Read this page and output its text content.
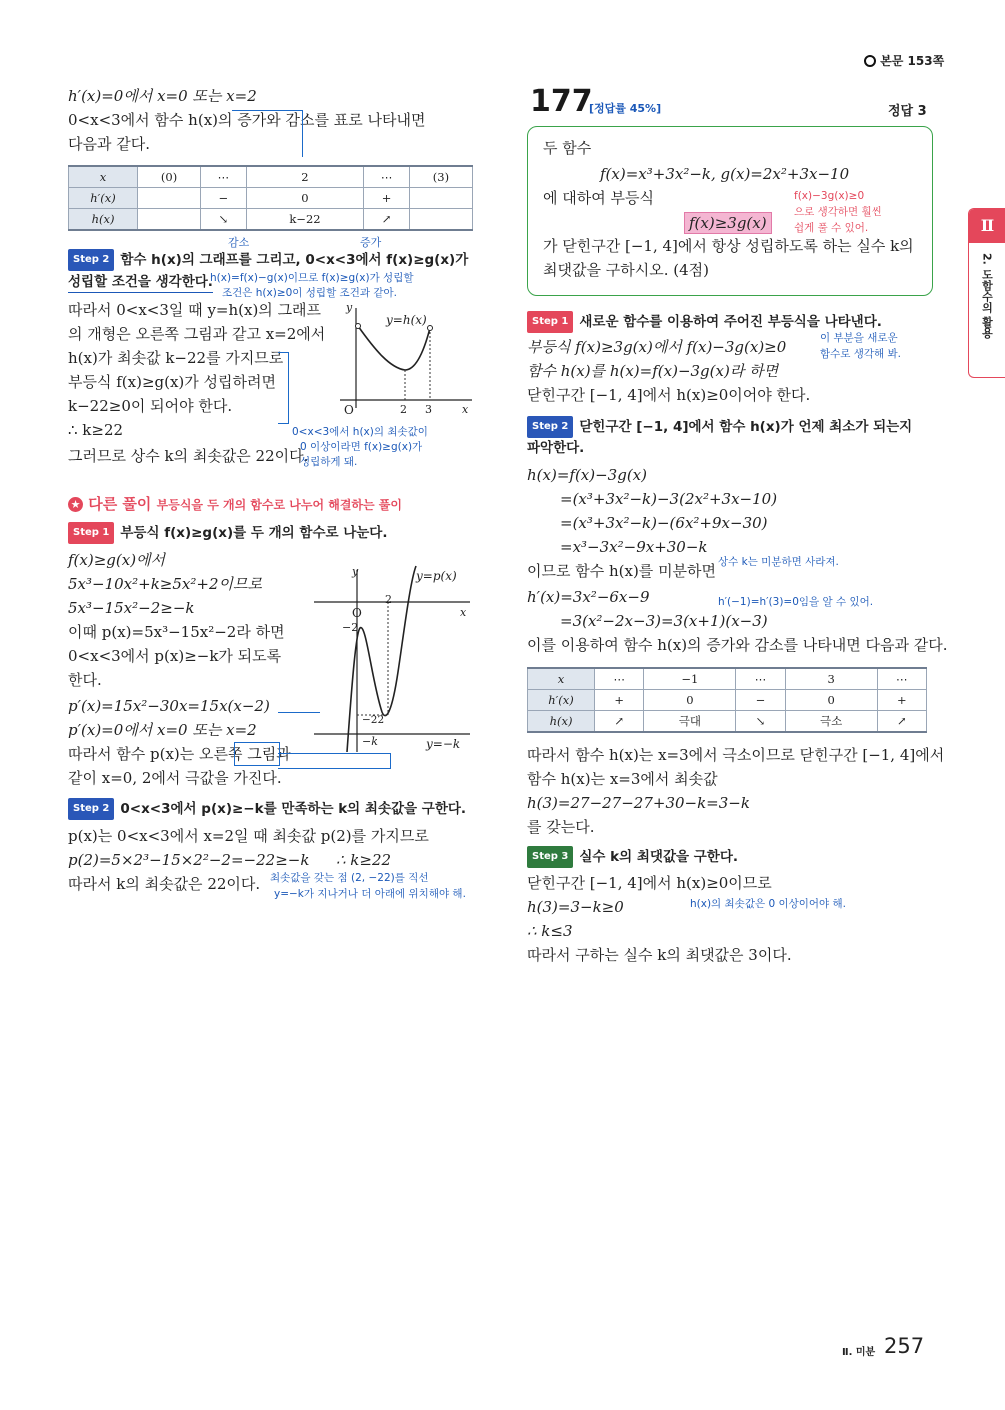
본문 153쪽
h′(x)=0에서 x=0 또는 x=2
0<x<3에서 함수 h(x)의 증가와 감소를 표로 나타내면
다음과 같다.
x	(0)	⋯	2	⋯	(3)
h′(x)		−	0	+	
h(x)		↘	k−22	↗	
감소	증가
Step 2 함수 h(x)의 그래프를 그리고, 0<x<3에서 f(x)≥g(x)가
성립할 조건을 생각한다.
h(x)=f(x)−g(x)이므로 f(x)≥g(x)가 성립할
조건은 h(x)≥0이 성립할 조건과 같아.
따라서 0<x<3일 때 y=h(x)의 그래프
의 개형은 오른쪽 그림과 같고 x=2에서
h(x)가 최솟값 k−22를 가지므로
부등식 f(x)≥g(x)가 성립하려면
k−22≥0이 되어야 한다.
∴ k≥22
그러므로 상수 k의 최솟값은 22이다.
y
y=h(x)
O	2 3	x
0<x<3에서 h(x)의 최솟값이
0 이상이라면 f(x)≥g(x)가
성립하게 돼.
★ 다른 풀이 부등식을 두 개의 함수로 나누어 해결하는 풀이
Step 1 부등식 f(x)≥g(x)를 두 개의 함수로 나눈다.
f(x)≥g(x)에서
5x³−10x²+k≥5x²+2이므로
5x³−15x²−2≥−k
이때 p(x)=5x³−15x²−2라 하면
0<x<3에서 p(x)≥−k가 되도록
한다.
p′(x)=15x²−30x=15x(x−2)
p′(x)=0에서 x=0 또는 x=2
따라서 함수 p(x)는 오른쪽 그림과
같이 x=0, 2에서 극값을 가진다.
y	y=p(x)
O
2
x
−2
−22
−k	y=−k
Step 2 0<x<3에서 p(x)≥−k를 만족하는 k의 최솟값을 구한다.
p(x)는 0<x<3에서 x=2일 때 최솟값 p(2)를 가지므로
p(2)=5×2³−15×2²−2=−22≥−k ∴ k≥22
따라서 k의 최솟값은 22이다. 최솟값을 갖는 점 (2, −22)를 직선
y=−k가 지나거나 더 아래에 위치해야 해.
177
[정답률 45%]	정답 3
두 함수
f(x)=x³+3x²−k, g(x)=2x²+3x−10
에 대하여 부등식
f(x)≥3g(x)
가 닫힌구간 [−1, 4]에서 항상 성립하도록 하는 실수 k의
최댓값을 구하시오. (4점)
f(x)−3g(x)≥0
으로 생각하면 훨씬
쉽게 풀 수 있어.
Step 1 새로운 함수를 이용하여 주어진 부등식을 나타낸다.
부등식 f(x)≥3g(x)에서 f(x)−3g(x)≥0
함수 h(x)를 h(x)=f(x)−3g(x)라 하면
닫힌구간 [−1, 4]에서 h(x)≥0이어야 한다.
이 부분을 새로운
함수로 생각해 봐.
Step 2 닫힌구간 [−1, 4]에서 함수 h(x)가 언제 최소가 되는지
파악한다.
h(x)=f(x)−3g(x)
=(x³+3x²−k)−3(2x²+3x−10)
=(x³+3x²−k)−(6x²+9x−30)
=x³−3x²−9x+30−k
이므로 함수 h(x)를 미분하면 상수 k는 미분하면 사라져.
h′(x)=3x²−6x−9	h′(−1)=h′(3)=0임을 알 수 있어.
=3(x²−2x−3)=3(x+1)(x−3)
이를 이용하여 함수 h(x)의 증가와 감소를 나타내면 다음과 같다.
x	⋯	−1	⋯	3	⋯
h′(x)	+	0	−	0	+
h(x)	↗	극대	↘	극소	↗
따라서 함수 h(x)는 x=3에서 극소이므로 닫힌구간 [−1, 4]에서
함수 h(x)는 x=3에서 최솟값
h(3)=27−27−27+30−k=3−k
를 갖는다.
Step 3 실수 k의 최댓값을 구한다.
닫힌구간 [−1, 4]에서 h(x)≥0이므로
h(3)=3−k≥0	h(x)의 최솟값은 0 이상이어야 해.
∴ k≤3
따라서 구하는 실수 k의 최댓값은 3이다.
Ⅱ
2. 도함수의 활용
Ⅱ. 미분 257
